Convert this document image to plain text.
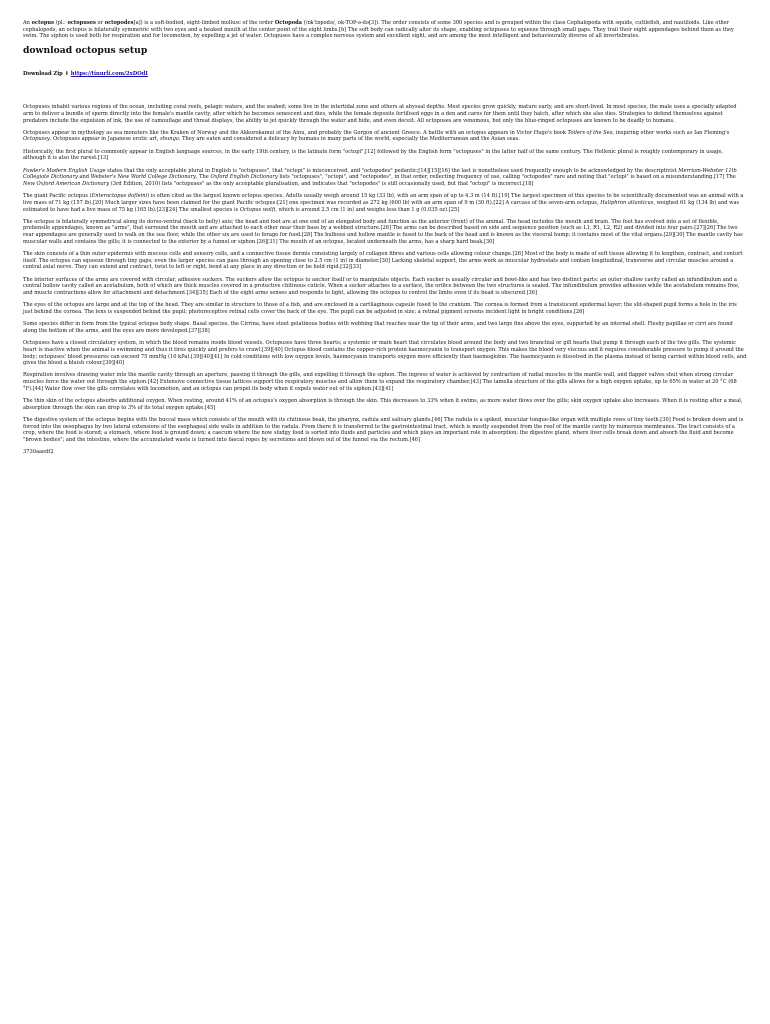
An octopus (pl.: octopuses or octopodes[a]) is a soft-bodied, eight-limbed mollusc of the order Octopoda (/ɒkˈtɒpədə/, ok-TOP-ə-də[3]). The order consists of some 300 species and is grouped within the class Cephalopoda with squids, cuttlefish, and nautiloids. Like other cephalopods, an octopus is bilaterally symmetric with two eyes and a beaked mouth at the center point of the eight limbs.[b] The soft body can radically alter its shape, enabling octopuses to squeeze through small gaps. They trail their eight appendages behind them as they swim. The siphon is used both for respiration and for locomotion, by expelling a jet of water. Octopuses have a complex nervous system and excellent sight, and are among the most intelligent and behaviourally diverse of all invertebrates.

download octopus setup

Download Zip ⬇ https://tinurli.com/2xDOdI

Octopuses inhabit various regions of the ocean, including coral reefs, pelagic waters, and the seabed; some live in the intertidal zone and others at abyssal depths. Most species grow quickly, mature early, and are short-lived. In most species, the male uses a specially adapted arm to deliver a bundle of sperm directly into the female's mantle cavity, after which he becomes senescent and dies, while the female deposits fertilised eggs in a den and cares for them until they hatch, after which she also dies. Strategies to defend themselves against predators include the expulsion of ink, the use of camouflage and threat displays, the ability to jet quickly through the water and hide, and even deceit. All octopuses are venomous, but only the blue-ringed octopuses are known to be deadly to humans.

Octopuses appear in mythology as sea monsters like the Kraken of Norway and the Akkorokamui of the Ainu, and probably the Gorgon of ancient Greece. A battle with an octopus appears in Victor Hugo's book Toilers of the Sea, inspiring other works such as Ian Fleming's Octopussy. Octopuses appear in Japanese erotic art, shunga. They are eaten and considered a delicacy by humans in many parts of the world, especially the Mediterranean and the Asian seas.

Historically, the first plural to commonly appear in English language sources, in the early 19th century, is the latinate form "octopi",[12] followed by the English form "octopuses" in the latter half of the same century. The Hellenic plural is roughly contemporary in usage, although it is also the rarest.[13]

Fowler's Modern English Usage states that the only acceptable plural in English is "octopuses", that "octopi" is misconceived, and "octopodes" pedantic;[14][15][16] the last is nonetheless used frequently enough to be acknowledged by the descriptivist Merriam-Webster 11th Collegiate Dictionary and Webster's New World College Dictionary. The Oxford English Dictionary lists "octopuses", "octopi", and "octopodes", in that order, reflecting frequency of use, calling "octopodes" rare and noting that "octopi" is based on a misunderstanding.[17] The New Oxford American Dictionary (3rd Edition, 2010) lists "octopuses" as the only acceptable pluralisation, and indicates that "octopodes" is still occasionally used, but that "octopi" is incorrect.[18]

The giant Pacific octopus (Enteroctopus dofleini) is often cited as the largest known octopus species. Adults usually weigh around 15 kg (33 lb), with an arm span of up to 4.3 m (14 ft).[19] The largest specimen of this species to be scientifically documented was an animal with a live mass of 71 kg (157 lb).[20] Much larger sizes have been claimed for the giant Pacific octopus:[21] one specimen was recorded as 272 kg (600 lb) with an arm span of 9 m (30 ft).[22] A carcass of the seven-arm octopus, Haliphron atlanticus, weighed 61 kg (134 lb) and was estimated to have had a live mass of 75 kg (165 lb).[23][24] The smallest species is Octopus wolfi, which is around 2.5 cm (1 in) and weighs less than 1 g (0.035 oz).[25]

The octopus is bilaterally symmetrical along its dorso-ventral (back to belly) axis; the head and foot are at one end of an elongated body and function as the anterior (front) of the animal. The head includes the mouth and brain. The foot has evolved into a set of flexible, prehensile appendages, known as "arms", that surround the mouth and are attached to each other near their base by a webbed structure.[26] The arms can be described based on side and sequence position (such as L1, R1, L2, R2) and divided into four pairs.[27][26] The two rear appendages are generally used to walk on the sea floor, while the other six are used to forage for food.[28] The bulbous and hollow mantle is fused to the back of the head and is known as the visceral hump; it contains most of the vital organs.[29][30] The mantle cavity has muscular walls and contains the gills; it is connected to the exterior by a funnel or siphon.[26][31] The mouth of an octopus, located underneath the arms, has a sharp hard beak.[30]

The skin consists of a thin outer epidermis with mucous cells and sensory cells, and a connective tissue dermis consisting largely of collagen fibres and various cells allowing colour change.[26] Most of the body is made of soft tissue allowing it to lengthen, contract, and contort itself. The octopus can squeeze through tiny gaps; even the larger species can pass through an opening close to 2.5 cm (1 in) in diameter.[30] Lacking skeletal support, the arms work as muscular hydrostats and contain longitudinal, transverse and circular muscles around a central axial nerve. They can extend and contract, twist to left or right, bend at any place in any direction or be held rigid.[32][33]

The interior surfaces of the arms are covered with circular, adhesive suckers. The suckers allow the octopus to anchor itself or to manipulate objects. Each sucker is usually circular and bowl-like and has two distinct parts: an outer shallow cavity called an infundibulum and a central hollow cavity called an acetabulum, both of which are thick muscles covered in a protective chitinous cuticle. When a sucker attaches to a surface, the orifice between the two structures is sealed. The infundibulum provides adhesion while the acetabulum remains free, and muscle contractions allow for attachment and detachment.[34][35] Each of the eight arms senses and responds to light, allowing the octopus to control the limbs even if its head is obscured.[36]

The eyes of the octopus are large and at the top of the head. They are similar in structure to those of a fish, and are enclosed in a cartilaginous capsule fused to the cranium. The cornea is formed from a translucent epidermal layer; the slit-shaped pupil forms a hole in the iris just behind the cornea. The lens is suspended behind the pupil; photoreceptive retinal cells cover the back of the eye. The pupil can be adjusted in size; a retinal pigment screens incident light in bright conditions.[26]

Some species differ in form from the typical octopus body shape. Basal species, the Cirrina, have stout gelatinous bodies with webbing that reaches near the tip of their arms, and two large fins above the eyes, supported by an internal shell. Fleshy papillae or cirri are found along the bottom of the arms, and the eyes are more developed.[37][38]

Octopuses have a closed circulatory system, in which the blood remains inside blood vessels. Octopuses have three hearts; a systemic or main heart that circulates blood around the body and two branchial or gill hearts that pump it through each of the two gills. The systemic heart is inactive when the animal is swimming and thus it tires quickly and prefers to crawl.[39][40] Octopus blood contains the copper-rich protein haemocyanin to transport oxygen. This makes the blood very viscous and it requires considerable pressure to pump it around the body; octopuses' blood pressures can exceed 75 mmHg (10 kPa).[39][40][41] In cold conditions with low oxygen levels, haemocyanin transports oxygen more efficiently than haemoglobin. The haemocyanin is dissolved in the plasma instead of being carried within blood cells, and gives the blood a bluish colour.[39][40]

Respiration involves drawing water into the mantle cavity through an aperture, passing it through the gills, and expelling it through the siphon. The ingress of water is achieved by contraction of radial muscles in the mantle wall, and flapper valves shut when strong circular muscles force the water out through the siphon.[42] Extensive connective tissue lattices support the respiratory muscles and allow them to expand the respiratory chamber.[43] The lamella structure of the gills allows for a high oxygen uptake, up to 65% in water at 20 °C (68 °F).[44] Water flow over the gills correlates with locomotion, and an octopus can propel its body when it expels water out of its siphon.[43][41]

The thin skin of the octopus absorbs additional oxygen. When resting, around 41% of an octopus's oxygen absorption is through the skin. This decreases to 33% when it swims, as more water flows over the gills; skin oxygen uptake also increases. When it is resting after a meal, absorption through the skin can drop to 3% of its total oxygen uptake.[45]

The digestive system of the octopus begins with the buccal mass which consists of the mouth with its chitinous beak, the pharynx, radula and salivary glands.[46] The radula is a spiked, muscular tongue-like organ with multiple rows of tiny teeth.[30] Food is broken down and is forced into the oesophagus by two lateral extensions of the esophageal side walls in addition to the radula. From there it is transferred to the gastrointestinal tract, which is mostly suspended from the roof of the mantle cavity by numerous membranes. The tract consists of a crop, where the food is stored; a stomach, where food is ground down; a caecum where the now sludgy food is sorted into fluids and particles and which plays an important role in absorption; the digestive gland, where liver cells break down and absorb the fluid and become "brown bodies"; and the intestine, where the accumulated waste is turned into faecal ropes by secretions and blown out of the funnel via the rectum.[46]

3730aaedf2
